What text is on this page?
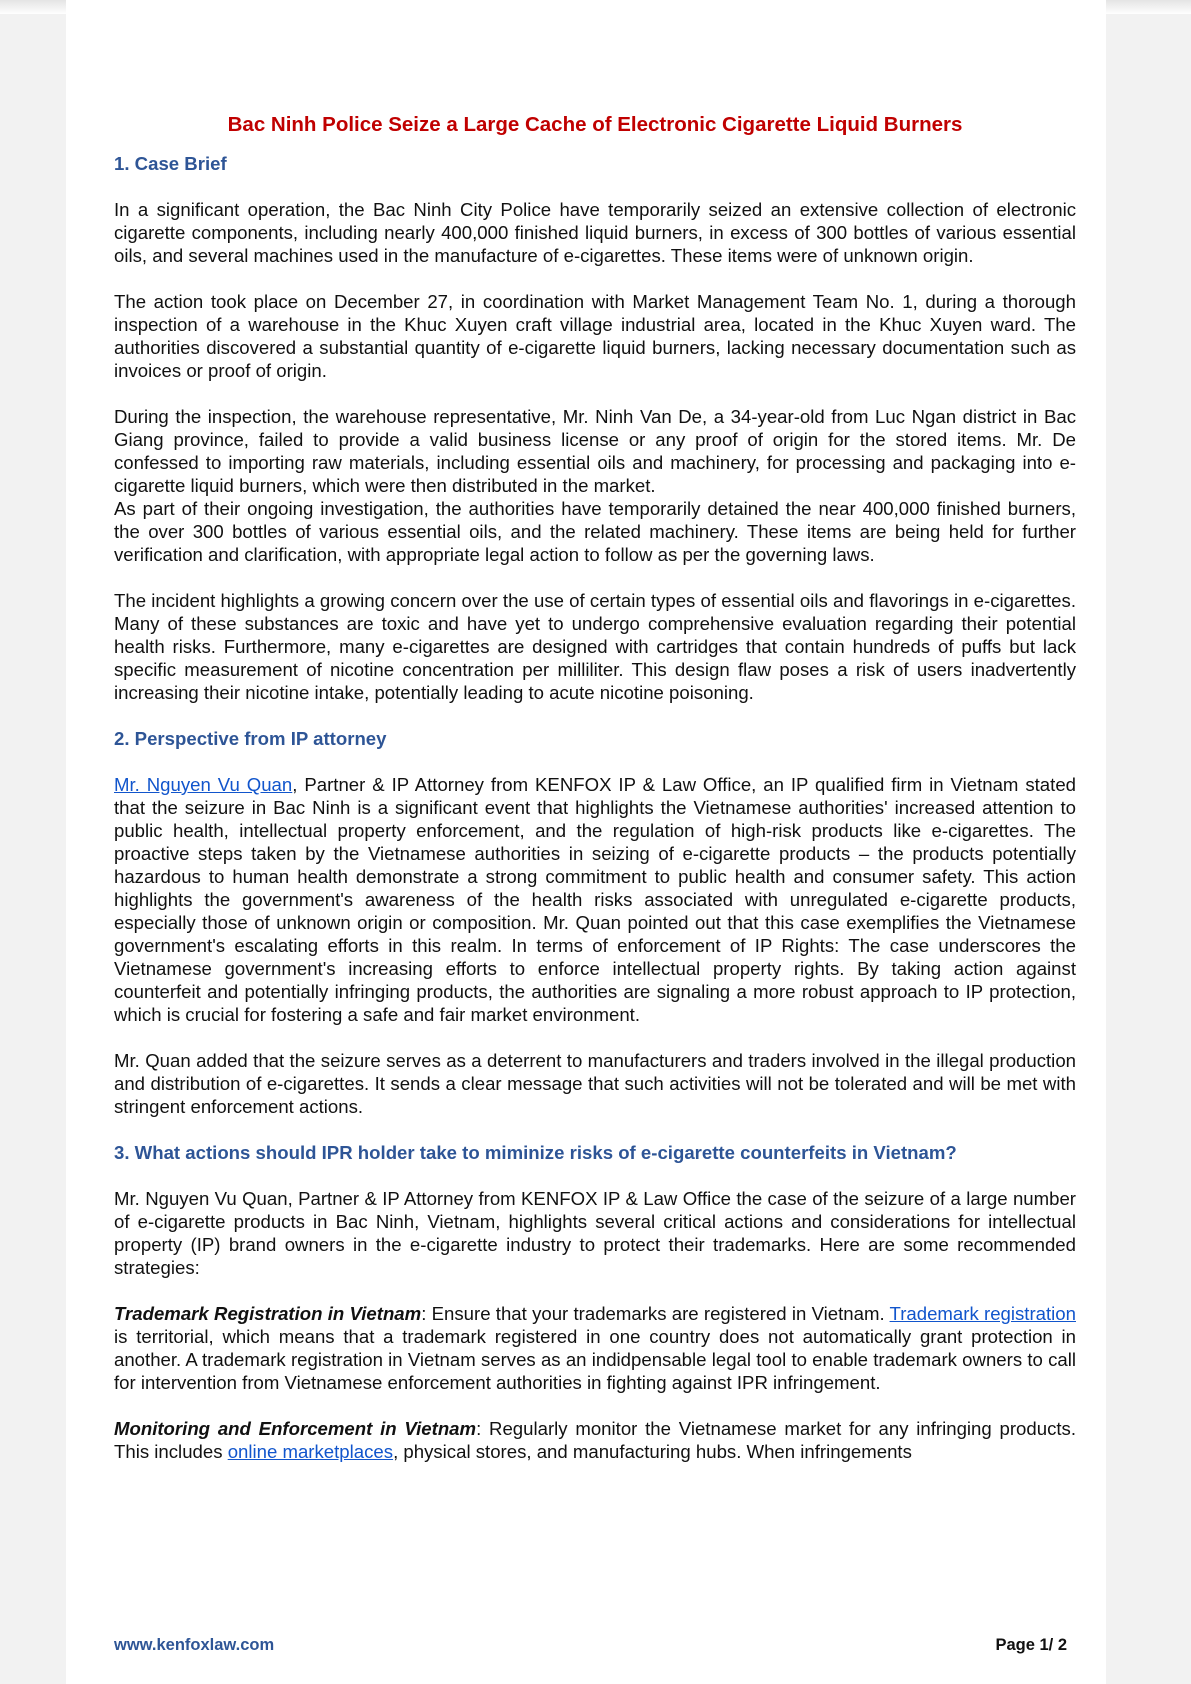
Bac Ninh Police Seize a Large Cache of Electronic Cigarette Liquid Burners
1. Case Brief

In a significant operation, the Bac Ninh City Police have temporarily seized an extensive collection of electronic cigarette components, including nearly 400,000 finished liquid burners, in excess of 300 bottles of various essential oils, and several machines used in the manufacture of e-cigarettes. These items were of unknown origin.

The action took place on December 27, in coordination with Market Management Team No. 1, during a thorough inspection of a warehouse in the Khuc Xuyen craft village industrial area, located in the Khuc Xuyen ward. The authorities discovered a substantial quantity of e-cigarette liquid burners, lacking necessary documentation such as invoices or proof of origin.

During the inspection, the warehouse representative, Mr. Ninh Van De, a 34-year-old from Luc Ngan district in Bac Giang province, failed to provide a valid business license or any proof of origin for the stored items. Mr. De confessed to importing raw materials, including essential oils and machinery, for processing and packaging into e-cigarette liquid burners, which were then distributed in the market.

As part of their ongoing investigation, the authorities have temporarily detained the near 400,000 finished burners, the over 300 bottles of various essential oils, and the related machinery. These items are being held for further verification and clarification, with appropriate legal action to follow as per the governing laws.

The incident highlights a growing concern over the use of certain types of essential oils and flavorings in e-cigarettes. Many of these substances are toxic and have yet to undergo comprehensive evaluation regarding their potential health risks. Furthermore, many e-cigarettes are designed with cartridges that contain hundreds of puffs but lack specific measurement of nicotine concentration per milliliter. This design flaw poses a risk of users inadvertently increasing their nicotine intake, potentially leading to acute nicotine poisoning.

2. Perspective from IP attorney

Mr. Nguyen Vu Quan, Partner & IP Attorney from KENFOX IP & Law Office, an IP qualified firm in Vietnam stated that the seizure in Bac Ninh is a significant event that highlights the Vietnamese authorities' increased attention to public health, intellectual property enforcement, and the regulation of high-risk products like e-cigarettes. The proactive steps taken by the Vietnamese authorities in seizing of e-cigarette products – the products potentially hazardous to human health demonstrate a strong commitment to public health and consumer safety. This action highlights the government's awareness of the health risks associated with unregulated e-cigarette products, especially those of unknown origin or composition. Mr. Quan pointed out that this case exemplifies the Vietnamese government's escalating efforts in this realm. In terms of enforcement of IP Rights: The case underscores the Vietnamese government's increasing efforts to enforce intellectual property rights. By taking action against counterfeit and potentially infringing products, the authorities are signaling a more robust approach to IP protection, which is crucial for fostering a safe and fair market environment.

Mr. Quan added that the seizure serves as a deterrent to manufacturers and traders involved in the illegal production and distribution of e-cigarettes. It sends a clear message that such activities will not be tolerated and will be met with stringent enforcement actions.

3. What actions should IPR holder take to miminize risks of e-cigarette counterfeits in Vietnam?

Mr. Nguyen Vu Quan, Partner & IP Attorney from KENFOX IP & Law Office the case of the seizure of a large number of e-cigarette products in Bac Ninh, Vietnam, highlights several critical actions and considerations for intellectual property (IP) brand owners in the e-cigarette industry to protect their trademarks. Here are some recommended strategies:

Trademark Registration in Vietnam: Ensure that your trademarks are registered in Vietnam. Trademark registration is territorial, which means that a trademark registered in one country does not automatically grant protection in another. A trademark registration in Vietnam serves as an indidpensable legal tool to enable trademark owners to call for intervention from Vietnamese enforcement authorities in fighting against IPR infringement.

Monitoring and Enforcement in Vietnam: Regularly monitor the Vietnamese market for any infringing products. This includes online marketplaces, physical stores, and manufacturing hubs. When infringements

www.kenfoxlaw.com	Page 1/ 2
